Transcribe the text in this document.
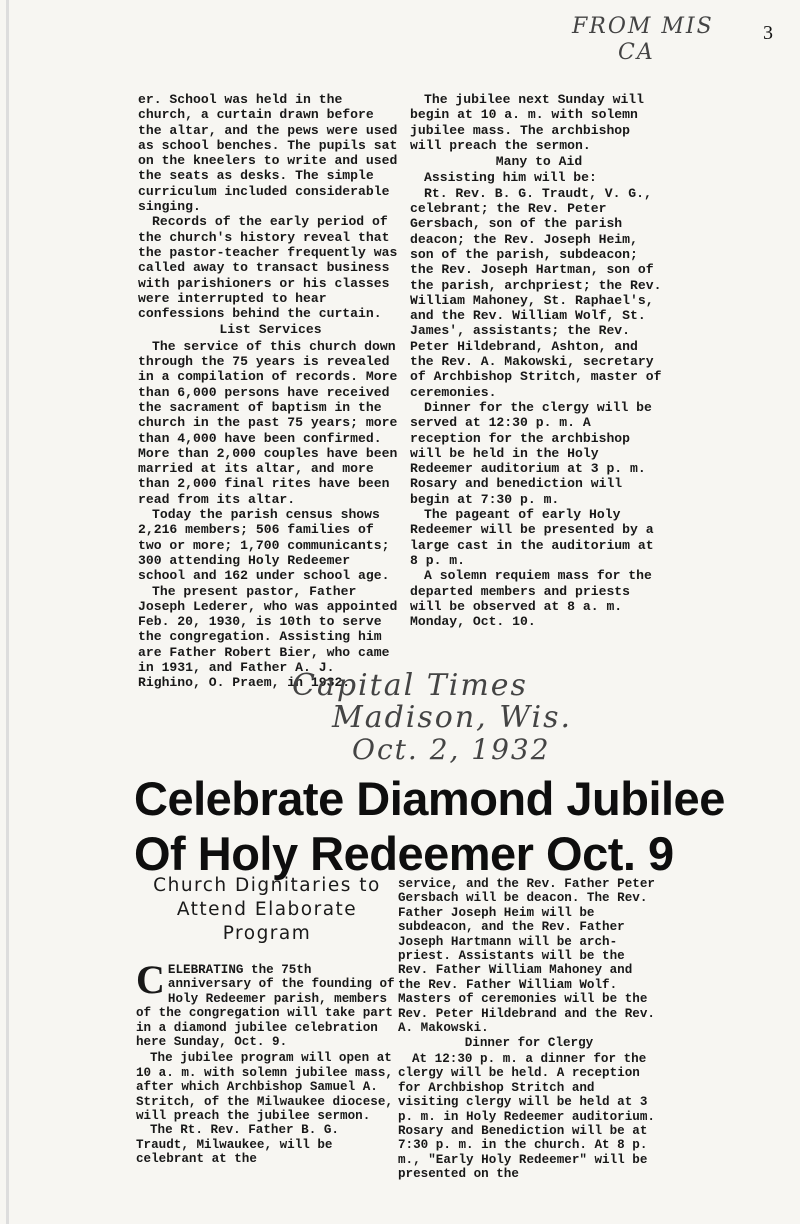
FROM MIS
CA
3

er. School was held in the church, a curtain drawn before the altar, and the pews were used as school benches. The pupils sat on the kneelers to write and used the seats as desks. The simple curriculum included considerable singing.

Records of the early period of the church's history reveal that the pastor-teacher frequently was called away to transact business with parishioners or his classes were interrupted to hear confessions behind the curtain.

List Services

The service of this church down through the 75 years is revealed in a compilation of records. More than 6,000 persons have received the sacrament of baptism in the church in the past 75 years; more than 4,000 have been confirmed. More than 2,000 couples have been married at its altar, and more than 2,000 final rites have been read from its altar.

Today the parish census shows 2,216 members; 506 families of two or more; 1,700 communicants; 300 attending Holy Redeemer school and 162 under school age.

The present pastor, Father Joseph Lederer, who was appointed Feb. 20, 1930, is 10th to serve the congregation. Assisting him are Father Robert Bier, who came in 1931, and Father A. J. Righino, O. Praem, in 1932.

The jubilee next Sunday will begin at 10 a. m. with solemn jubilee mass. The archbishop will preach the sermon.

Many to Aid

Assisting him will be:

Rt. Rev. B. G. Traudt, V. G., celebrant; the Rev. Peter Gersbach, son of the parish deacon; the Rev. Joseph Heim, son of the parish, subdeacon; the Rev. Joseph Hartman, son of the parish, archpriest; the Rev. William Mahoney, St. Raphael's, and the Rev. William Wolf, St. James', assistants; the Rev. Peter Hildebrand, Ashton, and the Rev. A. Makowski, secretary of Archbishop Stritch, master of ceremonies.

Dinner for the clergy will be served at 12:30 p. m. A reception for the archbishop will be held in the Holy Redeemer auditorium at 3 p. m. Rosary and benediction will begin at 7:30 p. m.

The pageant of early Holy Redeemer will be presented by a large cast in the auditorium at 8 p. m.

A solemn requiem mass for the departed members and priests will be observed at 8 a. m. Monday, Oct. 10.

Capital Times
Madison, Wis.
Oct. 2, 1932
Celebrate Diamond Jubilee
Of Holy Redeemer Oct. 9
Church Dignitaries to Attend Elaborate Program
C ELEBRATING the 75th anniversary of the founding of Holy Redeemer parish, members of the congregation will take part in a diamond jubilee celebration here Sunday, Oct. 9.

The jubilee program will open at 10 a. m. with solemn jubilee mass, after which Archbishop Samuel A. Stritch, of the Milwaukee diocese, will preach the jubilee sermon.

The Rt. Rev. Father B. G. Traudt, Milwaukee, will be celebrant at the

service, and the Rev. Father Peter Gersbach will be deacon. The Rev. Father Joseph Heim will be subdeacon, and the Rev. Father Joseph Hartmann will be arch-priest. Assistants will be the Rev. Father William Mahoney and the Rev. Father William Wolf. Masters of ceremonies will be the Rev. Peter Hildebrand and the Rev. A. Makowski.

Dinner for Clergy

At 12:30 p. m. a dinner for the clergy will be held. A reception for Archbishop Stritch and visiting clergy will be held at 3 p. m. in Holy Redeemer auditorium. Rosary and Benediction will be at 7:30 p. m. in the church. At 8 p. m., "Early Holy Redeemer" will be presented on the
